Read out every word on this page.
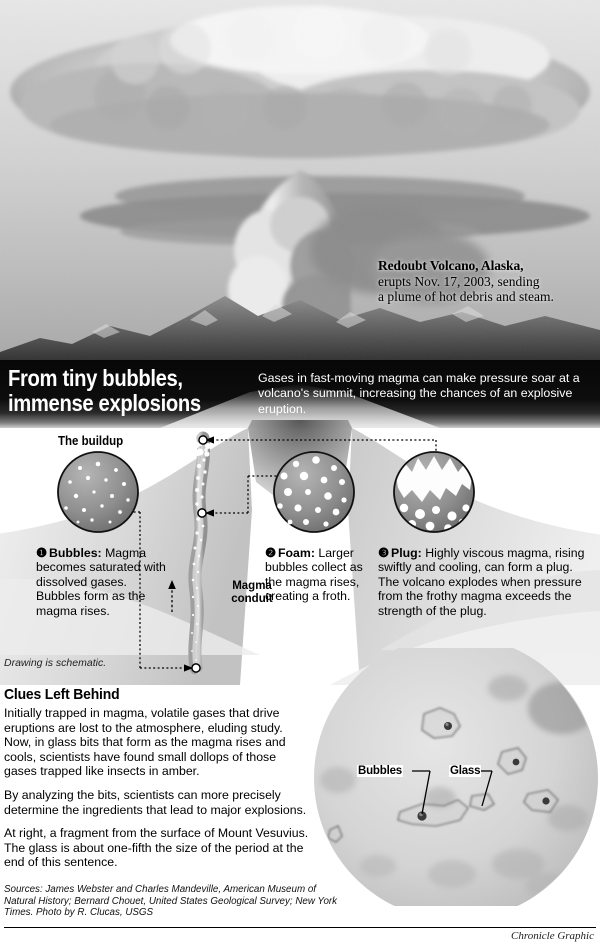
Redoubt Volcano, Alaska,
erupts Nov. 17, 2003, sending
a plume of hot debris and steam.
From tiny bubbles,
immense explosions
Gases in fast-moving magma can make pressure soar at a volcano's summit, increasing the chances of an explosive eruption.
The buildup
Magma conduit
Drawing is schematic.
❶ Bubbles: Magma becomes saturated with dissolved gases. Bubbles form as the magma rises.
❷ Foam: Larger bubbles collect as the magma rises, creating a froth.
❸ Plug: Highly viscous magma, rising swiftly and cooling, can form a plug. The volcano explodes when pressure from the frothy magma exceeds the strength of the plug.
Clues Left Behind

Initially trapped in magma, volatile gases that drive eruptions are lost to the atmosphere, eluding study. Now, in glass bits that form as the magma rises and cools, scientists have found small dollops of those gases trapped like insects in amber.

By analyzing the bits, scientists can more precisely determine the ingredients that lead to major explosions.

At right, a fragment from the surface of Mount Vesuvius. The glass is about one-fifth the size of the period at the end of this sentence.

Bubbles	Glass
Sources: James Webster and Charles Mandeville, American Museum of Natural History; Bernard Chouet, United States Geological Survey; New York Times. Photo by R. Clucas, USGS
Chronicle Graphic
